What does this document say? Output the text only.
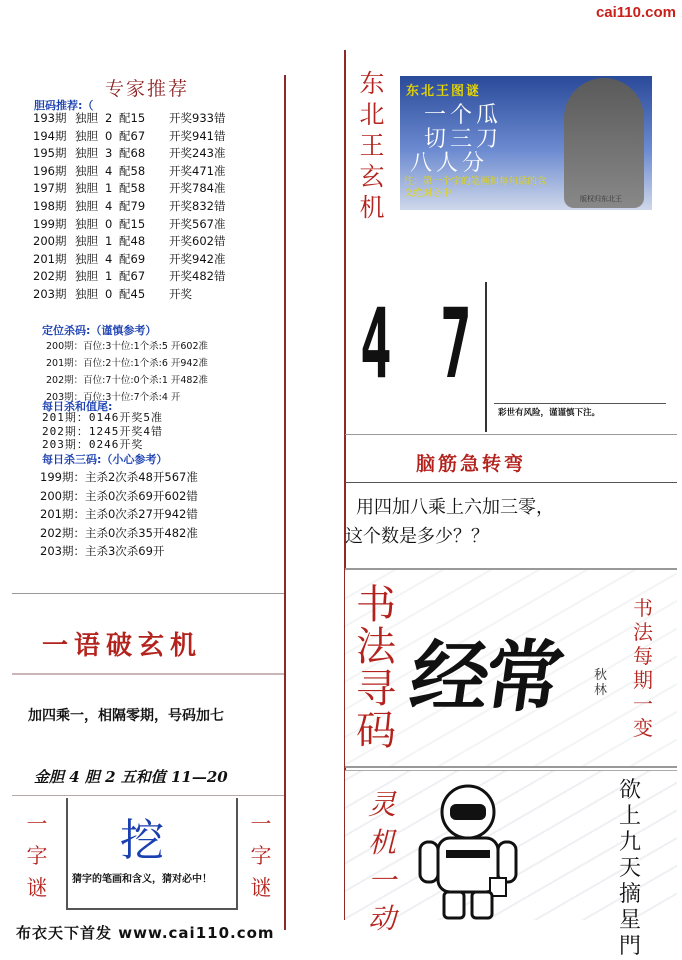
cai110.com
专家推荐
胆码推荐:（
193期 独胆 2 配15 开奖933错
194期 独胆 0 配67 开奖941错
195期 独胆 3 配68 开奖243准
196期 独胆 4 配58 开奖471准
197期 独胆 1 配58 开奖784准
198期 独胆 4 配79 开奖832错
199期 独胆 0 配15 开奖567准
200期 独胆 1 配48 开奖602错
201期 独胆 4 配69 开奖942准
202期 独胆 1 配67 开奖482错
203期 独胆 0 配45 开奖
定位杀码:（谨慎参考）
200期：百位:3十位:1个杀:5 开602准
201期：百位:2十位:1个杀:6 开942准
202期：百位:7十位:0个杀:1 开482准
203期：百位:3十位:7个杀:4 开
每日杀和值尾:
201期：0146开奖5准
202期：1245开奖4错
203期：0246开奖
每日杀三码:（小心参考）
199期：主杀2次杀48开567准
200期：主杀0次杀69开602错
201期：主杀0次杀27开942错
202期：主杀0次杀35开482准
203期：主杀3次杀69开
一语破玄机
加四乘一，相隔零期，号码加七
金胆 4 胆 2 五和值 11—20
一字谜
挖
猜字的笔画和含义，猜对必中！
一字谜
布衣天下首发 www.cai110.com
东北王玄机
东北王图谜
一个瓜
切三刀
八人分
注：第一个字的笔画和每句话的含义绝对必中	版权归东北王
4 7
彩世有风险，谨谨慎下注。
脑筋急转弯
用四加八乘上六加三零，
这个数是多少？？
书法寻码
经常 秋林
书法每期一变
灵机一动
欲上九天摘星門
